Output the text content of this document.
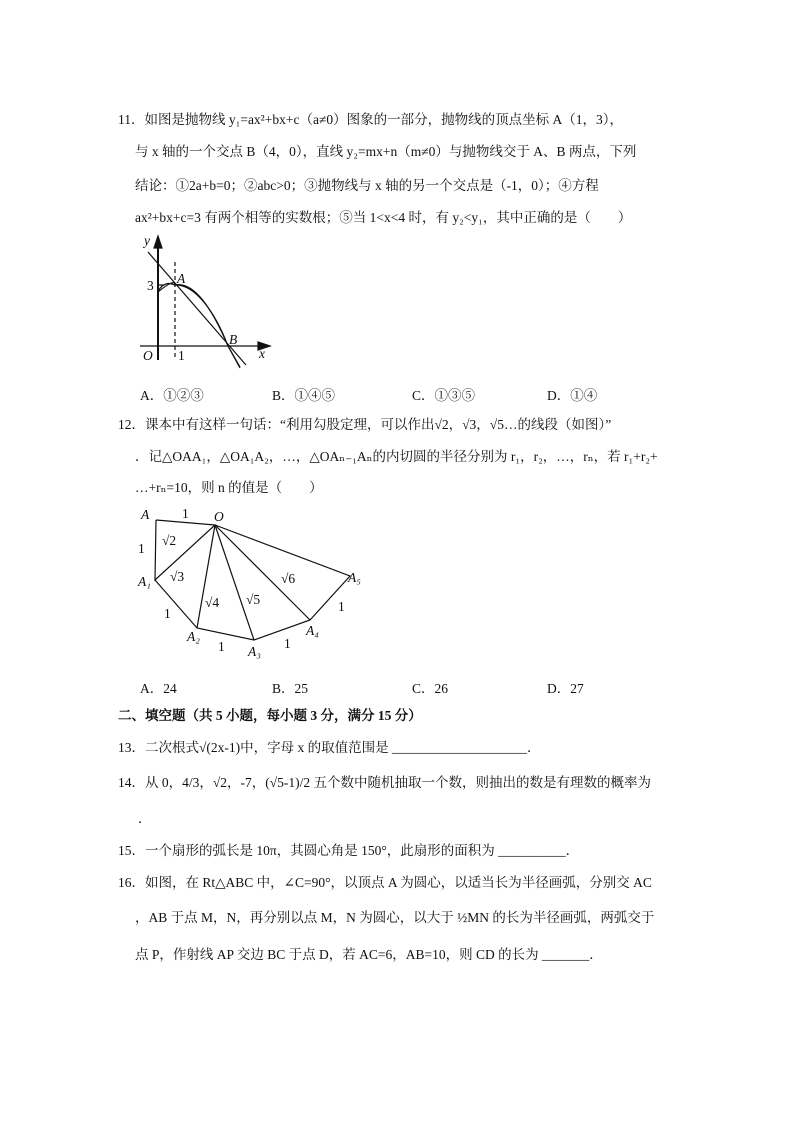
11．如图是抛物线 y₁=ax²+bx+c（a≠0）图象的一部分，抛物线的顶点坐标 A（1，3），
与 x 轴的一个交点 B（4，0），直线 y₂=mx+n（m≠0）与抛物线交于 A、B 两点，下列
结论：①2a+b=0；②abc>0；③抛物线与 x 轴的另一个交点是（-1，0）；④方程
ax²+bx+c=3 有两个相等的实数根；⑤当 1<x<4 时，有 y₂<y₁，其中正确的是（　　）
y
3 A
B
O 1	x
A．①②③	B．①④⑤	C．①③⑤	D．①④
12．课本中有这样一句话：“利用勾股定理，可以作出√2，√3，√5…的线段（如图）”
．记△OAA₁，△OA₁A₂，…，△OAₙ₋₁Aₙ的内切圆的半径分别为 r₁，r₂，…，rₙ，若 r₁+r₂+
…+rₙ=10，则 n 的值是（　　）
A	O
A₁
A₂
A₃
A₄
A₅
1
1
1
1	1
1
√2
√3
√4 √5
√6
A．24	B．25	C．26	D．27
二、填空题（共 5 小题，每小题 3 分，满分 15 分）
13．二次根式√(2x-1)中，字母 x 的取值范围是 ____________________．
14．从 0，4/3，√2，-7，(√5-1)/2 五个数中随机抽取一个数，则抽出的数是有理数的概率为
．
15．一个扇形的弧长是 10π，其圆心角是 150°，此扇形的面积为 __________．
16．如图，在 Rt△ABC 中，∠C=90°，以顶点 A 为圆心，以适当长为半径画弧，分别交 AC
，AB 于点 M，N，再分别以点 M，N 为圆心，以大于 ½MN 的长为半径画弧，两弧交于
点 P，作射线 AP 交边 BC 于点 D，若 AC=6，AB=10，则 CD 的长为 _______．
